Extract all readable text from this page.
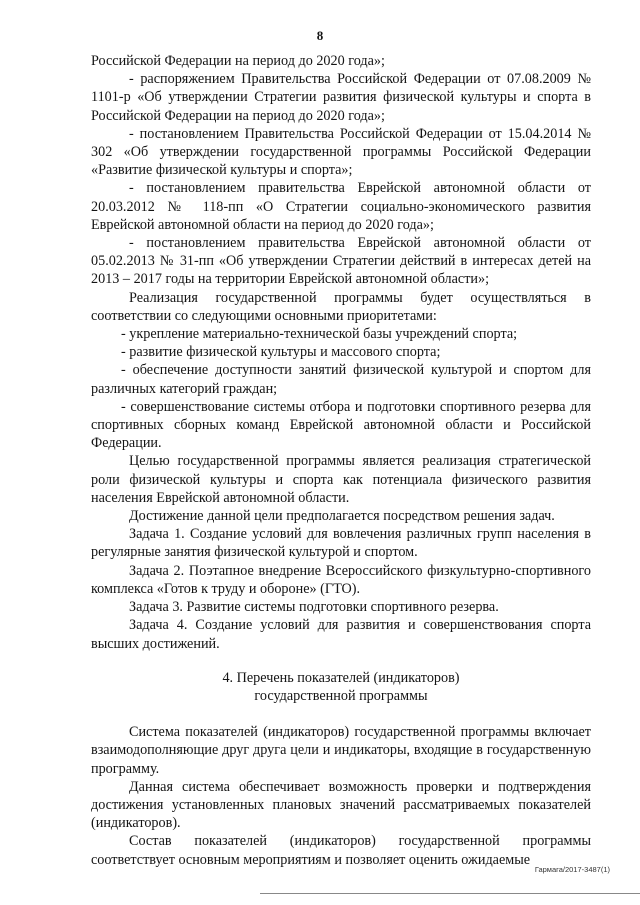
8

Российской Федерации на период до 2020 года»;

- распоряжением Правительства Российской Федерации от 07.08.2009 № 1101-р «Об утверждении Стратегии развития физической культуры и спорта в Российской Федерации на период до 2020 года»;

- постановлением Правительства Российской Федерации от 15.04.2014 № 302 «Об утверждении государственной программы Российской Федерации «Развитие физической культуры и спорта»;

- постановлением правительства Еврейской автономной области от 20.03.2012 № 118-пп «О Стратегии социально-экономического развития Еврейской автономной области на период до 2020 года»;

- постановлением правительства Еврейской автономной области от 05.02.2013 № 31-пп «Об утверждении Стратегии действий в интересах детей на 2013 – 2017 годы на территории Еврейской автономной области»;

Реализация государственной программы будет осуществляться в соответствии со следующими основными приоритетами:

- укрепление материально-технической базы учреждений спорта;

- развитие физической культуры и массового спорта;

- обеспечение доступности занятий физической культурой и спортом для различных категорий граждан;

- совершенствование системы отбора и подготовки спортивного резерва для спортивных сборных команд Еврейской автономной области и Российской Федерации.

Целью государственной программы является реализация стратегической роли физической культуры и спорта как потенциала физического развития населения Еврейской автономной области.

Достижение данной цели предполагается посредством решения задач.

Задача 1. Создание условий для вовлечения различных групп населения в регулярные занятия физической культурой и спортом.

Задача 2. Поэтапное внедрение Всероссийского физкультурно-спортивного комплекса «Готов к труду и обороне» (ГТО).

Задача 3. Развитие системы подготовки спортивного резерва.

Задача 4. Создание условий для развития и совершенствования спорта высших достижений.

4. Перечень показателей (индикаторов)
государственной программы

Система показателей (индикаторов) государственной программы включает взаимодополняющие друг друга цели и индикаторы, входящие в государственную программу.

Данная система обеспечивает возможность проверки и подтверждения достижения установленных плановых значений рассматриваемых показателей (индикаторов).

Состав показателей (индикаторов) государственной программы соответствует основным мероприятиям и позволяет оценить ожидаемые

Гармага/2017-3487(1)
